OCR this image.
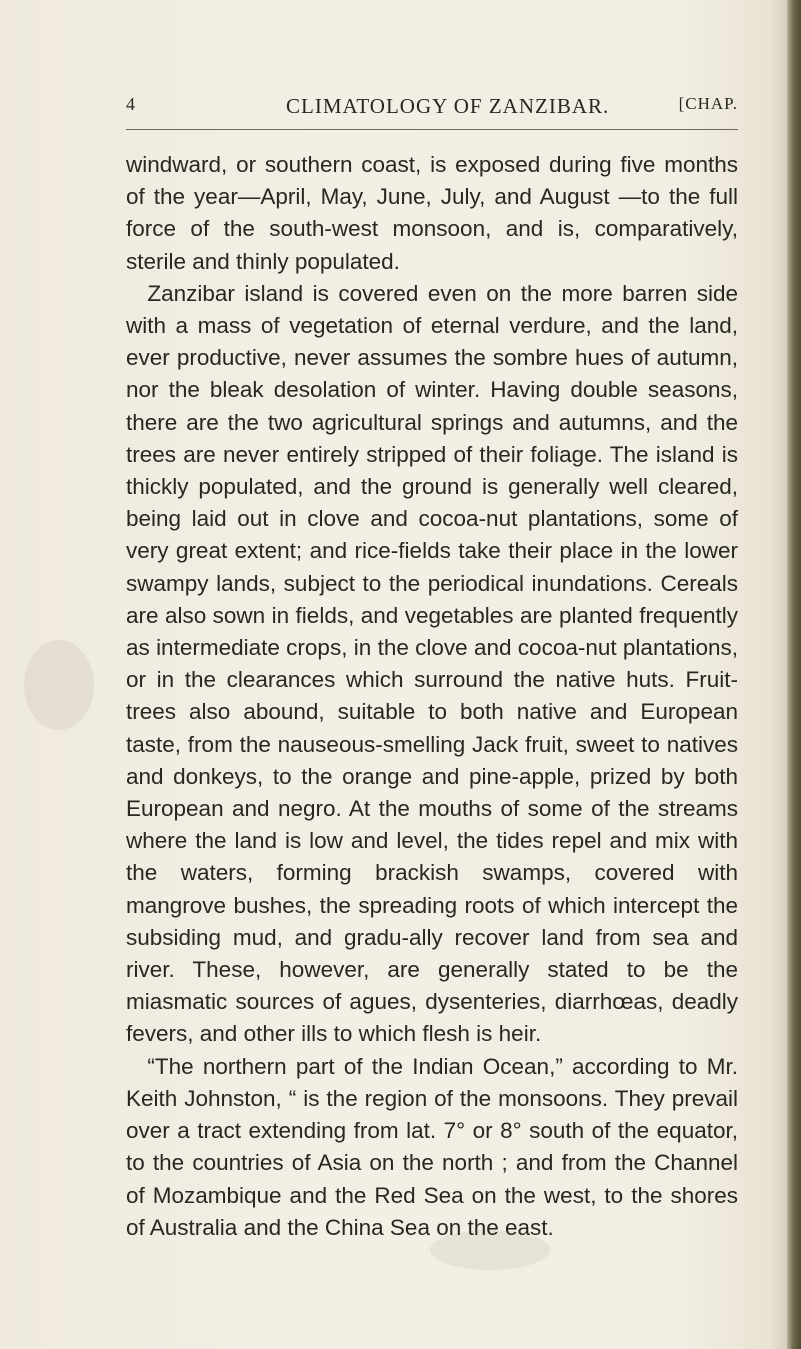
4	CLIMATOLOGY OF ZANZIBAR.	[CHAP.

windward, or southern coast, is exposed during five months of the year—April, May, June, July, and August —to the full force of the south-west monsoon, and is, comparatively, sterile and thinly populated.

Zanzibar island is covered even on the more barren side with a mass of vegetation of eternal verdure, and the land, ever productive, never assumes the sombre hues of autumn, nor the bleak desolation of winter. Having double seasons, there are the two agricultural springs and autumns, and the trees are never entirely stripped of their foliage. The island is thickly populated, and the ground is generally well cleared, being laid out in clove and cocoa-nut plantations, some of very great extent; and rice-fields take their place in the lower swampy lands, subject to the periodical inundations. Cereals are also sown in fields, and vegetables are planted frequently as intermediate crops, in the clove and cocoa-nut plantations, or in the clearances which surround the native huts. Fruit-trees also abound, suitable to both native and European taste, from the nauseous-smelling Jack fruit, sweet to natives and donkeys, to the orange and pine-apple, prized by both European and negro. At the mouths of some of the streams where the land is low and level, the tides repel and mix with the waters, forming brackish swamps, covered with mangrove bushes, the spreading roots of which intercept the subsiding mud, and gradu-ally recover land from sea and river. These, however, are generally stated to be the miasmatic sources of agues, dysenteries, diarrhœas, deadly fevers, and other ills to which flesh is heir.

“The northern part of the Indian Ocean,” according to Mr. Keith Johnston, “ is the region of the monsoons. They prevail over a tract extending from lat. 7° or 8° south of the equator, to the countries of Asia on the north ; and from the Channel of Mozambique and the Red Sea on the west, to the shores of Australia and the China Sea on the east.
